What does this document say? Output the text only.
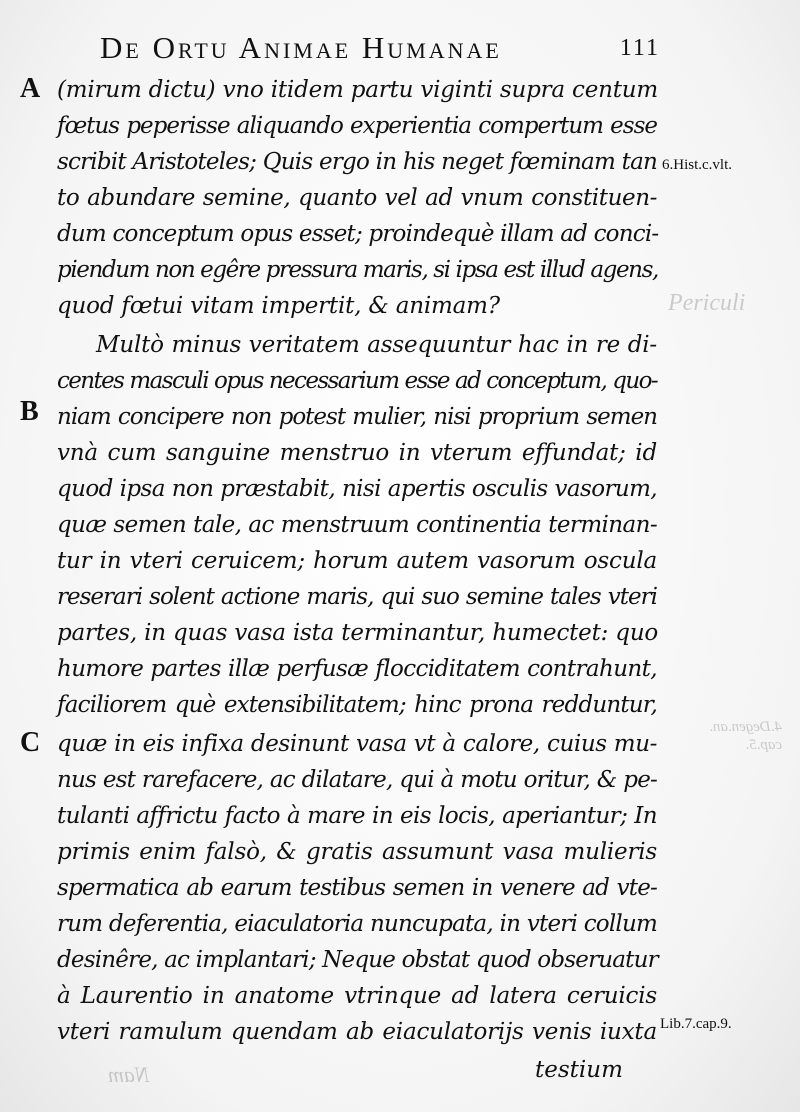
De Ortu Animae Humanae	111
Periculi
4.Degen.an. cap.5.
Nam
A
B
C
6.Hist.c.vlt.
Lib.7.cap.9.
(mirum dictu) vno itidem partu viginti supra centum
fœtus peperisse aliquando experientia compertum esse
scribit Aristoteles; Quis ergo in his neget fœminam tan
to abundare semine, quanto vel ad vnum constituen-
dum conceptum opus esset; proindequè illam ad conci-
piendum non egêre pressura maris, si ipsa est illud agens,
quod fœtui vitam impertit, & animam?
Multò minus veritatem assequuntur hac in re di-
centes masculi opus necessarium esse ad conceptum, quo-
niam concipere non potest mulier, nisi proprium semen
vnà cum sanguine menstruo in vterum effundat; id
quod ipsa non præstabit, nisi apertis osculis vasorum,
quæ semen tale, ac menstruum continentia terminan-
tur in vteri ceruicem; horum autem vasorum oscula
reserari solent actione maris, qui suo semine tales vteri
partes, in quas vasa ista terminantur, humectet: quo
humore partes illæ perfusæ flocciditatem contrahunt,
faciliorem què extensibilitatem; hinc prona redduntur,
quæ in eis infixa desinunt vasa vt à calore, cuius mu-
nus est rarefacere, ac dilatare, qui à motu oritur, & pe-
tulanti affrictu facto à mare in eis locis, aperiantur; In
primis enim falsò, & gratis assumunt vasa mulieris
spermatica ab earum testibus semen in venere ad vte-
rum deferentia, eiaculatoria nuncupata, in vteri collum
desinêre, ac implantari; Neque obstat quod obseruatur
à Laurentio in anatome vtrinque ad latera ceruicis
vteri ramulum quendam ab eiaculatorijs venis iuxta
testium
